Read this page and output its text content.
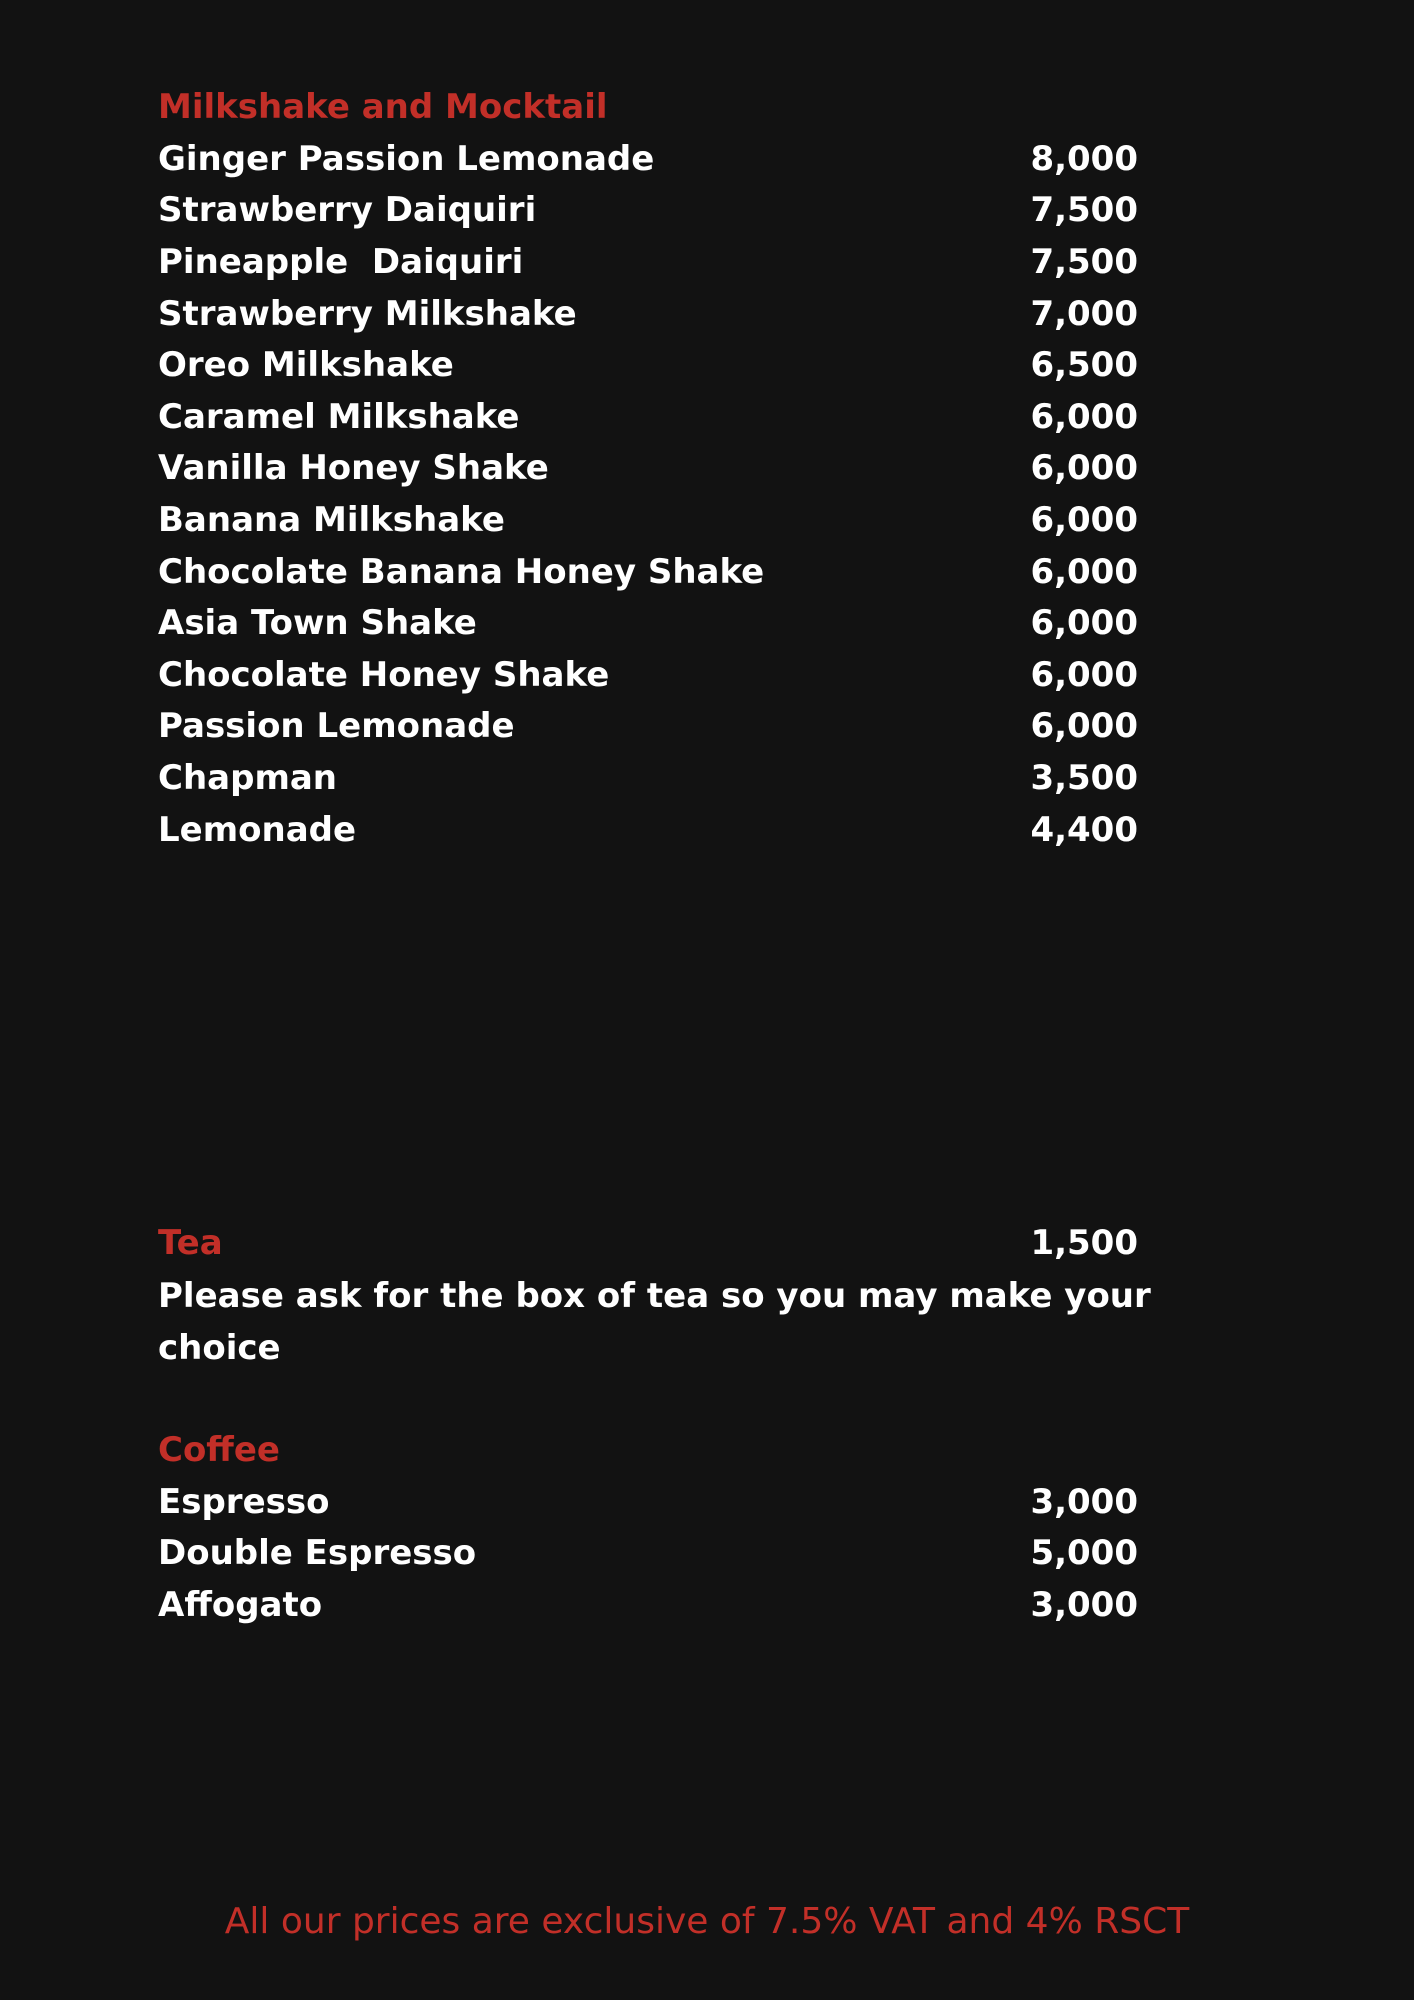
Milkshake and Mocktail
Ginger Passion Lemonade	8,000
Strawberry Daiquiri	7,500
Pineapple  Daiquiri	7,500
Strawberry Milkshake	7,000
Oreo Milkshake	6,500
Caramel Milkshake	6,000
Vanilla Honey Shake	6,000
Banana Milkshake	6,000
Chocolate Banana Honey Shake	6,000
Asia Town Shake	6,000
Chocolate Honey Shake	6,000
Passion Lemonade	6,000
Chapman	3,500
Lemonade	4,400
Tea	1,500

Please ask for the box of tea so you may make your choice

Coffee
Espresso	3,000
Double Espresso	5,000
Affogato	3,000
All our prices are exclusive of 7.5% VAT and 4% RSCT
